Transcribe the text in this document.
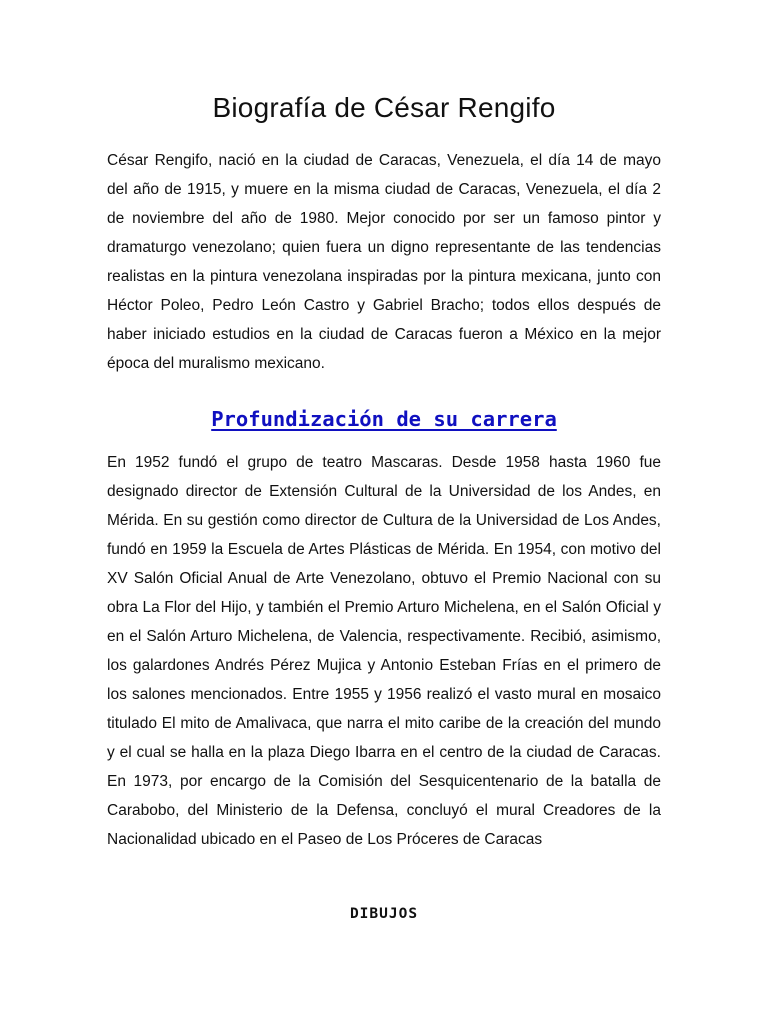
Biografía de César Rengifo

César Rengifo, nació en la ciudad de Caracas, Venezuela, el día 14 de mayo del año de 1915, y muere en la misma ciudad de Caracas, Venezuela, el día 2 de noviembre del año de 1980. Mejor conocido por ser un famoso pintor y dramaturgo venezolano; quien fuera un digno representante de las tendencias realistas en la pintura venezolana inspiradas por la pintura mexicana, junto con Héctor Poleo, Pedro León Castro y Gabriel Bracho; todos ellos después de haber iniciado estudios en la ciudad de Caracas fueron a México en la mejor época del muralismo mexicano.

Profundización de su carrera

En 1952 fundó el grupo de teatro Mascaras. Desde 1958 hasta 1960 fue designado director de Extensión Cultural de la Universidad de los Andes, en Mérida. En su gestión como director de Cultura de la Universidad de Los Andes, fundó en 1959 la Escuela de Artes Plásticas de Mérida. En 1954, con motivo del XV Salón Oficial Anual de Arte Venezolano, obtuvo el Premio Nacional con su obra La Flor del Hijo, y también el Premio Arturo Michelena, en el Salón Oficial y en el Salón Arturo Michelena, de Valencia, respectivamente. Recibió, asimismo, los galardones Andrés Pérez Mujica y Antonio Esteban Frías en el primero de los salones mencionados. Entre 1955 y 1956 realizó el vasto mural en mosaico titulado El mito de Amalivaca, que narra el mito caribe de la creación del mundo y el cual se halla en la plaza Diego Ibarra en el centro de la ciudad de Caracas. En 1973, por encargo de la Comisión del Sesquicentenario de la batalla de Carabobo, del Ministerio de la Defensa, concluyó el mural Creadores de la Nacionalidad ubicado en el Paseo de Los Próceres de Caracas

DIBUJOS
